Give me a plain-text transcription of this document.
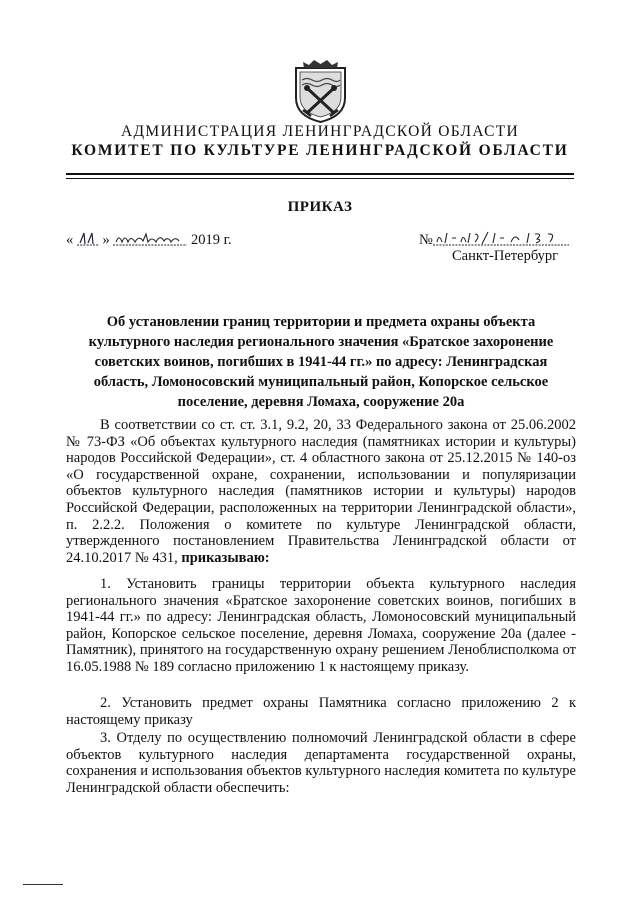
АДМИНИСТРАЦИЯ ЛЕНИНГРАДСКОЙ ОБЛАСТИ
КОМИТЕТ ПО КУЛЬТУРЕ ЛЕНИНГРАДСКОЙ ОБЛАСТИ
ПРИКАЗ
« »	2019 г.	№
Санкт-Петербург
Об установлении границ территории и предмета охраны объекта культурного наследия регионального значения «Братское захоронение советских воинов, погибших в 1941-44 гг.» по адресу: Ленинградская область, Ломоносовский муниципальный район, Копорское сельское поселение, деревня Ломаха, сооружение 20а

В соответствии со ст. ст. 3.1, 9.2, 20, 33 Федерального закона от 25.06.2002 № 73-ФЗ «Об объектах культурного наследия (памятниках истории и культуры) народов Российской Федерации», ст. 4 областного закона от 25.12.2015 № 140-оз «О государственной охране, сохранении, использовании и популяризации объектов культурного наследия (памятников истории и культуры) народов Российской Федерации, расположенных на территории Ленинградской области», п. 2.2.2. Положения о комитете по культуре Ленинградской области, утвержденного постановлением Правительства Ленинградской области от 24.10.2017 № 431, приказываю:

1. Установить границы территории объекта культурного наследия регионального значения «Братское захоронение советских воинов, погибших в 1941-44 гг.» по адресу: Ленинградская область, Ломоносовский муниципальный район, Копорское сельское поселение, деревня Ломаха, сооружение 20а (далее - Памятник), принятого на государственную охрану решением Леноблисполкома от 16.05.1988 № 189 согласно приложению 1 к настоящему приказу.

2. Установить предмет охраны Памятника согласно приложению 2 к настоящему приказу

3. Отделу по осуществлению полномочий Ленинградской области в сфере объектов культурного наследия департамента государственной охраны, сохранения и использования объектов культурного наследия комитета по культуре Ленинградской области обеспечить:
